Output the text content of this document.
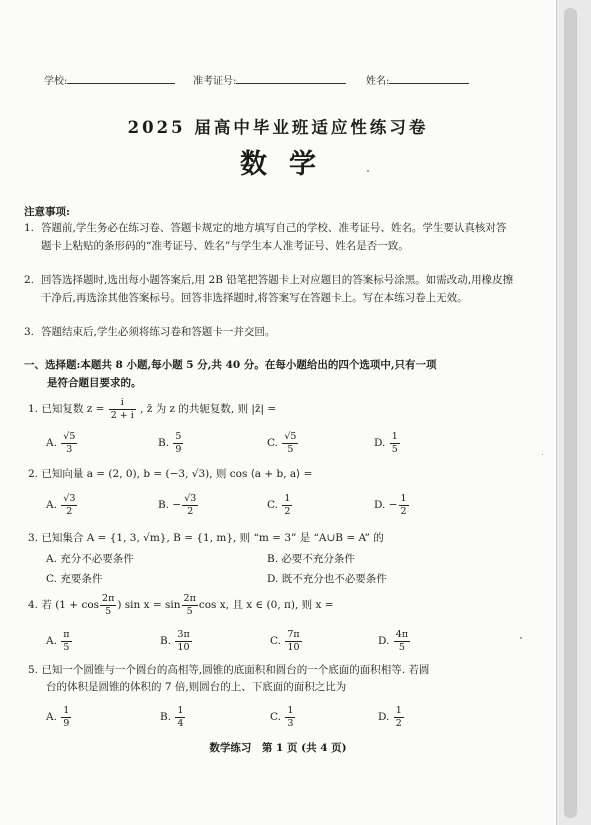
学校:	准考证号:	姓名:
2025 届高中毕业班适应性练习卷
数学
注意事项:
1. 答题前,学生务必在练习卷、答题卡规定的地方填写自己的学校、准考证号、姓名。学生要认真核对答题卡上粘贴的条形码的“准考证号、姓名”与学生本人准考证号、姓名是否一致。
2. 回答选择题时,选出每小题答案后,用 2B 铅笔把答题卡上对应题目的答案标号涂黑。如需改动,用橡皮擦干净后,再选涂其他答案标号。回答非选择题时,将答案写在答题卡上。写在本练习卷上无效。
3. 答题结束后,学生必须将练习卷和答题卡一并交回。
一、选择题:本题共 8 小题,每小题 5 分,共 40 分。在每小题给出的四个选项中,只有一项
是符合题目要求的。
1. 已知复数 $z = \frac{i}{2 + i}$ , z̄ 为 z 的共轭复数, 则 |z̄| =
A. $\frac{√5}{3}$	B. $\frac{5}{9}$	C. $\frac{√5}{5}$	D. $\frac{1}{5}$
2. 已知向量 a = (2, 0), b = (−3, √3), 则 cos ⟨a + b, a⟩ =
A. $\frac{√3}{2}$	B. − $\frac{√3}{2}$	C. $\frac{1}{2}$	D. − $\frac{1}{2}$
3. 已知集合 A = {1, 3, √m}, B = {1, m}, 则 “m = 3” 是 “A∪B = A” 的
A. 充分不必要条件	B. 必要不充分条件
C. 充要条件	D. 既不充分也不必要条件
4. 若 ($1 + \cos \frac{2\pi}{5}$ ) $\sin x = \sin \frac{2\pi}{5}$ cos x, 且 x ∈ (0, π), 则 x =
A. $\frac{\pi}{5}$	B. $\frac{3\pi}{10}$	C. $\frac{7\pi}{10}$	D. $\frac{4\pi}{5}$
5. 已知一个圆锥与一个圆台的高相等,圆锥的底面积和圆台的一个底面的面积相等. 若圆
台的体积是圆锥的体积的 7 倍,则圆台的上、下底面的面积之比为
A. $\frac{1}{9}$	B. $\frac{1}{4}$	C. $\frac{1}{3}$	D. $\frac{1}{2}$
数学练习　第 1 页 (共 4 页)
